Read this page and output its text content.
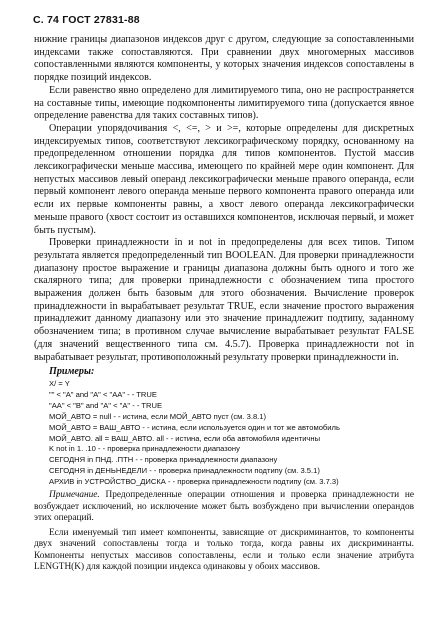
С. 74 ГОСТ 27831-88

нижние границы диапазонов индексов друг с другом, следующие за сопоставленными индексами также сопоставляются. При сравнении двух многомерных массивов сопоставленными являются компоненты, у которых значения индексов сопоставлены в порядке позиций индексов.

Если равенство явно определено для лимитируемого типа, оно не распространяется на составные типы, имеющие подкомпоненты лимитируемого типа (допускается явное определение равенства для таких составных типов).

Операции упорядочивания <, <=, > и >=, которые определены для дискретных индексируемых типов, соответствуют лексикографическому порядку, основанному на предопределенном отношении порядка для типов компонентов. Пустой массив лексикографически меньше массива, имеющего по крайней мере один компонент. Для непустых массивов левый операнд лексикографически меньше правого операнда, если первый компонент левого операнда меньше первого компонента правого операнда или если их первые компоненты равны, а хвост левого операнда лексикографически меньше правого (хвост состоит из оставшихся компонентов, исключая первый, и может быть пустым).

Проверки принадлежности in и not in предопределены для всех типов. Типом результата является предопределенный тип BOOLEAN. Для проверки принадлежности диапазону простое выражение и границы диапазона должны быть одного и того же скалярного типа; для проверки принадлежности с обозначением типа простого выражения должен быть базовым для этого обозначения. Вычисление проверок принадлежности in вырабатывает результат TRUE, если значение простого выражения принадлежит данному диапазону или это значение принадлежит подтипу, заданному обозначением типа; в противном случае вычисление вырабатывает результат FALSE (для значений вещественного типа см. 4.5.7). Проверка принадлежности not in вырабатывает результат, противоположный результату проверки принадлежности in.

Примеры:
X/ = Y
"" < "A" and "A" < "AA" - - TRUE
"AA" < "B" and "A" < "A" - - TRUE
МОЙ_АВТО = null - - истина, если МОЙ_АВТО пуст (см. 3.8.1)
МОЙ_АВТО = ВАШ_АВТО - - истина, если используется один и тот же автомобиль
МОЙ_АВТО. all = ВАШ_АВТО. all - - истина, если оба автомобиля идентичны
K not in 1. .10 - - проверка принадлежности диапазону
СЕГОДНЯ in ПНД. .ПТН - - проверка принадлежности диапазону
СЕГОДНЯ in ДЕНЬНЕДЕЛИ - - проверка принадлежности подтипу (см. 3.5.1)
АРХИВ in УСТРОЙСТВО_ДИСКА - - проверка принадлежности подтипу (см. 3.7.3)

Примечание. Предопределенные операции отношения и проверка принадлежности не возбуждает исключений, но исключение может быть возбуждено при вычислении операндов этих операций.

Если именуемый тип имеет компоненты, зависящие от дискриминантов, то компоненты двух значений сопоставлены тогда и только тогда, когда равны их дискриминанты. Компоненты непустых массивов сопоставлены, если и только если значение атрибута LENGTH(K) для каждой позиции индекса одинаковы у обоих массивов.
